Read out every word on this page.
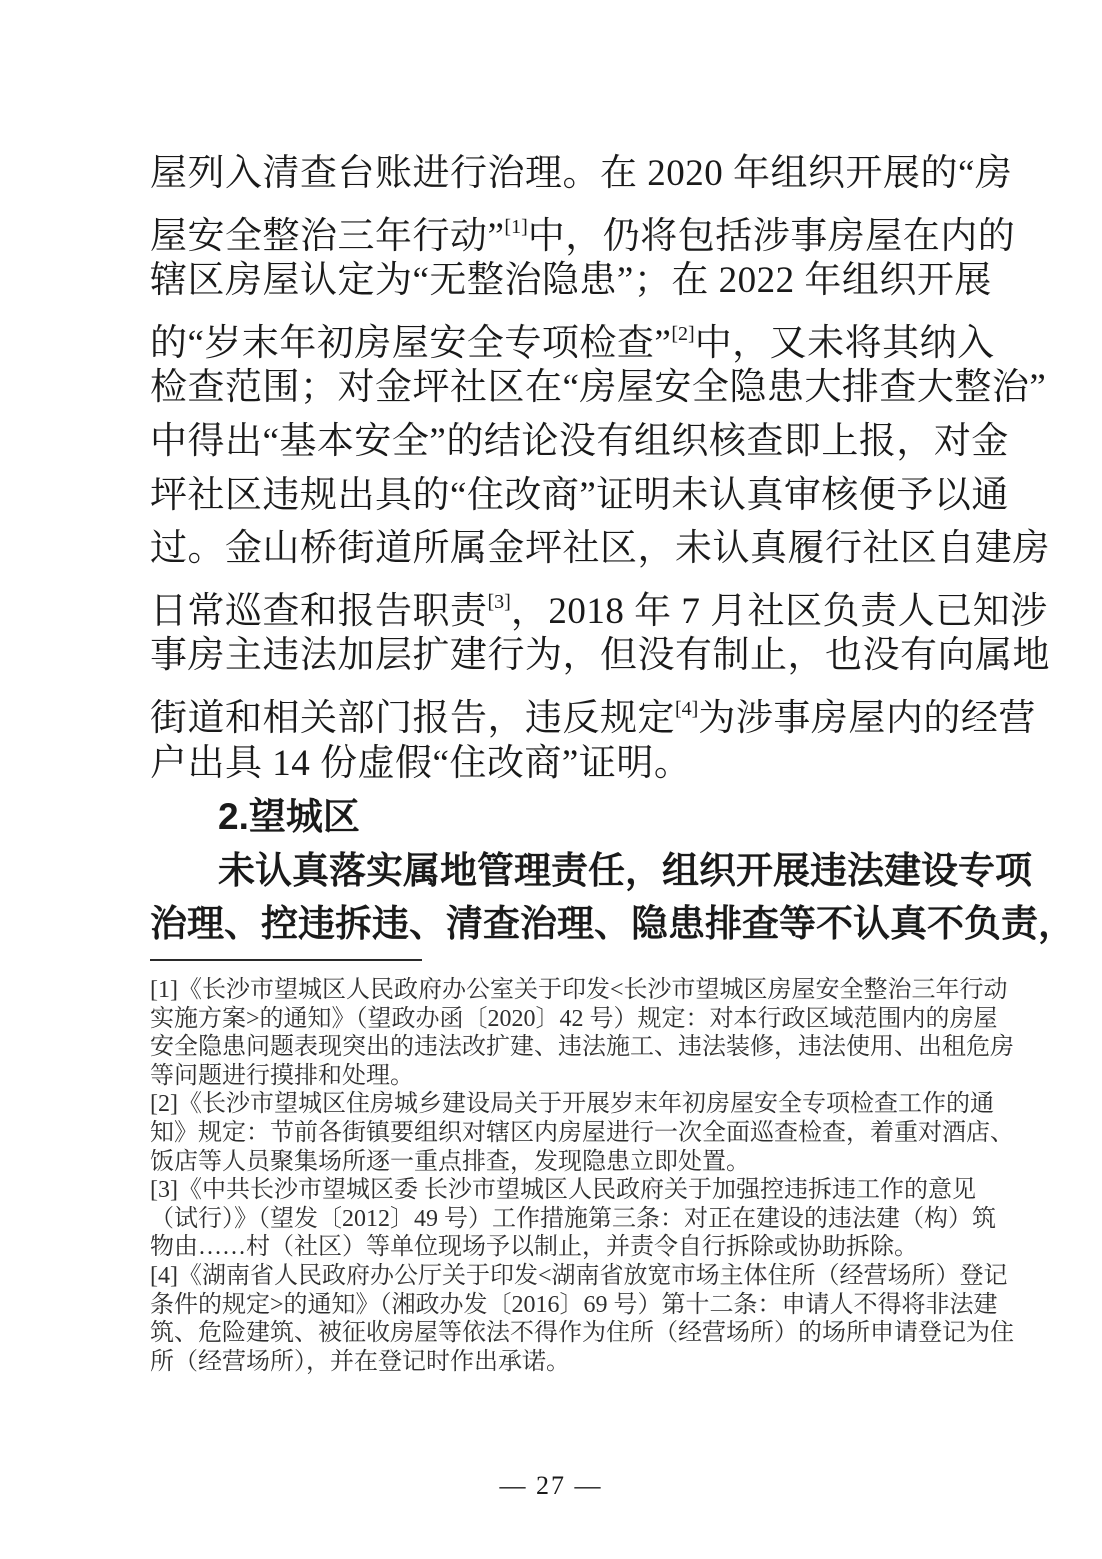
屋列入清查台账进行治理。在 2020 年组织开展的“房
屋安全整治三年行动”[1]中，仍将包括涉事房屋在内的
辖区房屋认定为“无整治隐患”；在 2022 年组织开展
的“岁末年初房屋安全专项检查”[2]中，又未将其纳入
检查范围；对金坪社区在“房屋安全隐患大排查大整治”
中得出“基本安全”的结论没有组织核查即上报，对金
坪社区违规出具的“住改商”证明未认真审核便予以通
过。金山桥街道所属金坪社区，未认真履行社区自建房
日常巡查和报告职责[3]，2018 年 7 月社区负责人已知涉
事房主违法加层扩建行为，但没有制止，也没有向属地
街道和相关部门报告，违反规定[4]为涉事房屋内的经营
户出具 14 份虚假“住改商”证明。
2.望城区
未认真落实属地管理责任，组织开展违法建设专项
治理、控违拆违、清查治理、隐患排查等不认真不负责，
[1]《长沙市望城区人民政府办公室关于印发<长沙市望城区房屋安全整治三年行动
实施方案>的通知》（望政办函〔2020〕42 号）规定：对本行政区域范围内的房屋
安全隐患问题表现突出的违法改扩建、违法施工、违法装修，违法使用、出租危房
等问题进行摸排和处理。
[2]《长沙市望城区住房城乡建设局关于开展岁末年初房屋安全专项检查工作的通
知》规定：节前各街镇要组织对辖区内房屋进行一次全面巡查检查，着重对酒店、
饭店等人员聚集场所逐一重点排查，发现隐患立即处置。
[3]《中共长沙市望城区委 长沙市望城区人民政府关于加强控违拆违工作的意见
（试行）》（望发〔2012〕49 号）工作措施第三条：对正在建设的违法建（构）筑
物由……村（社区）等单位现场予以制止，并责令自行拆除或协助拆除。
[4]《湖南省人民政府办公厅关于印发<湖南省放宽市场主体住所（经营场所）登记
条件的规定>的通知》（湘政办发〔2016〕69 号）第十二条：申请人不得将非法建
筑、危险建筑、被征收房屋等依法不得作为住所（经营场所）的场所申请登记为住
所（经营场所），并在登记时作出承诺。
— 27 —
